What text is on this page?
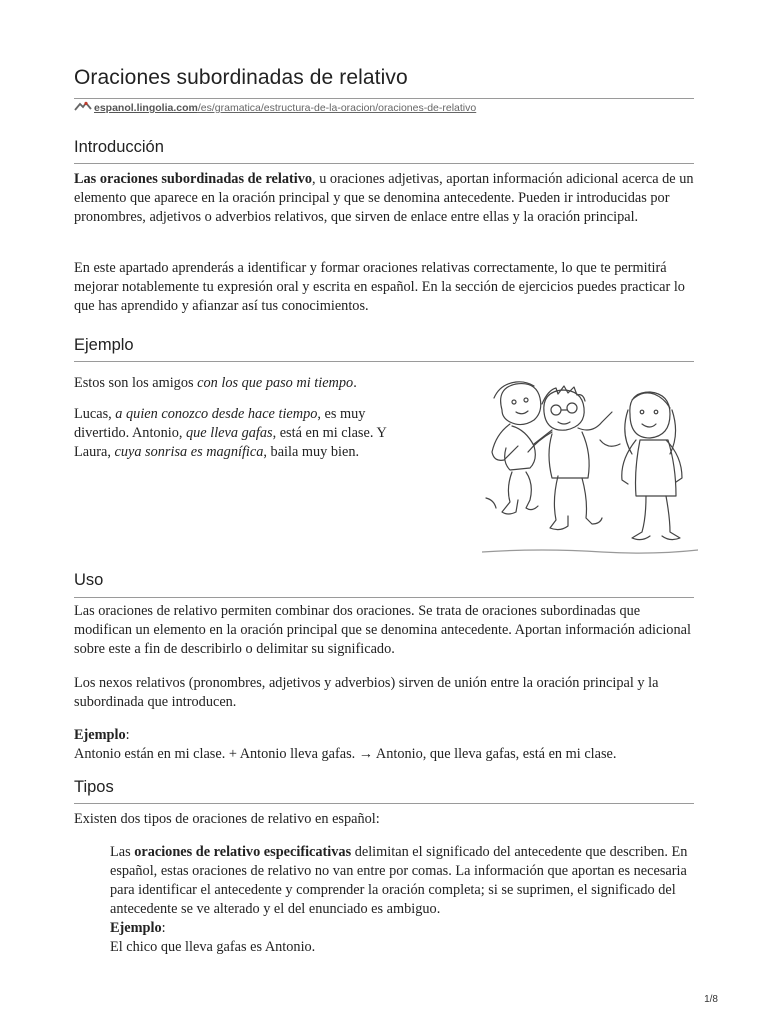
Oraciones subordinadas de relativo
espanol.lingolia.com/es/gramatica/estructura-de-la-oracion/oraciones-de-relativo
Introducción

Las oraciones subordinadas de relativo, u oraciones adjetivas, aportan información adicional acerca de un elemento que aparece en la oración principal y que se denomina antecedente. Pueden ir introducidas por pronombres, adjetivos o adverbios relativos, que sirven de enlace entre ellas y la oración principal.

En este apartado aprenderás a identificar y formar oraciones relativas correctamente, lo que te permitirá mejorar notablemente tu expresión oral y escrita en español. En la sección de ejercicios puedes practicar lo que has aprendido y afianzar así tus conocimientos.

Ejemplo

Estos son los amigos con los que paso mi tiempo.

Lucas, a quien conozco desde hace tiempo, es muy divertido. Antonio, que lleva gafas, está en mi clase. Y Laura, cuya sonrisa es magnífica, baila muy bien.

Uso

Las oraciones de relativo permiten combinar dos oraciones. Se trata de oraciones subordinadas que modifican un elemento en la oración principal que se denomina antecedente. Aportan información adicional sobre este a fin de describirlo o delimitar su significado.

Los nexos relativos (pronombres, adjetivos y adverbios) sirven de unión entre la oración principal y la subordinada que introducen.

Ejemplo:
Antonio están en mi clase. + Antonio lleva gafas. → Antonio, que lleva gafas, está en mi clase.

Tipos

Existen dos tipos de oraciones de relativo en español:

Las oraciones de relativo especificativas delimitan el significado del antecedente que describen. En español, estas oraciones de relativo no van entre por comas. La información que aportan es necesaria para identificar el antecedente y comprender la oración completa; si se suprimen, el significado del antecedente se ve alterado y el del enunciado es ambiguo.
Ejemplo:
El chico que lleva gafas es Antonio.

1/8
